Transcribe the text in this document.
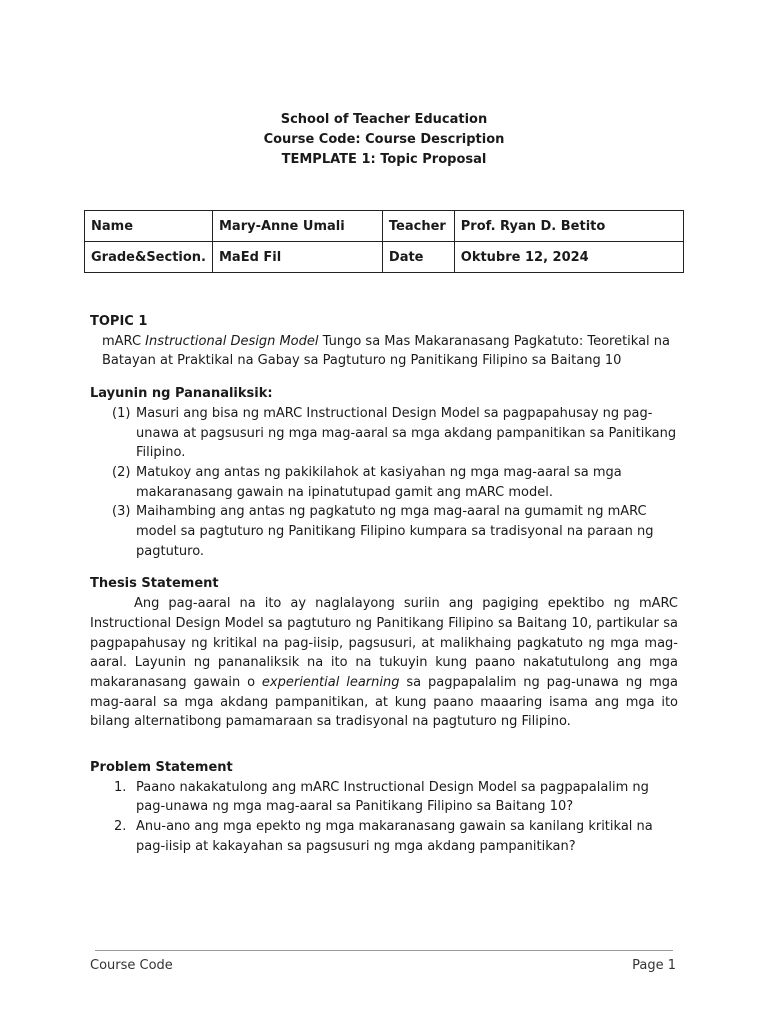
School of Teacher Education
Course Code: Course Description
TEMPLATE 1: Topic Proposal
Name	Mary-Anne Umali	Teacher	Prof. Ryan D. Betito
Grade&Section.	MaEd Fil	Date	Oktubre 12, 2024
TOPIC 1
mARC Instructional Design Model Tungo sa Mas Makaranasang Pagkatuto: Teoretikal na Batayan at Praktikal na Gabay sa Pagtuturo ng Panitikang Filipino sa Baitang 10
Layunin ng Pananaliksik:
(1) Masuri ang bisa ng mARC Instructional Design Model sa pagpapahusay ng pag-unawa at pagsusuri ng mga mag-aaral sa mga akdang pampanitikan sa Panitikang Filipino.
(2) Matukoy ang antas ng pakikilahok at kasiyahan ng mga mag-aaral sa mga makaranasang gawain na ipinatutupad gamit ang mARC model.
(3) Maihambing ang antas ng pagkatuto ng mga mag-aaral na gumamit ng mARC model sa pagtuturo ng Panitikang Filipino kumpara sa tradisyonal na paraan ng pagtuturo.
Thesis Statement

Ang pag-aaral na ito ay naglalayong suriin ang pagiging epektibo ng mARC Instructional Design Model sa pagtuturo ng Panitikang Filipino sa Baitang 10, partikular sa pagpapahusay ng kritikal na pag-iisip, pagsusuri, at malikhaing pagkatuto ng mga mag-aaral. Layunin ng pananaliksik na ito na tukuyin kung paano nakatutulong ang mga makaranasang gawain o experiential learning sa pagpapalalim ng pag-unawa ng mga mag-aaral sa mga akdang pampanitikan, at kung paano maaaring isama ang mga ito bilang alternatibong pamamaraan sa tradisyonal na pagtuturo ng Filipino.

Problem Statement
1. Paano nakakatulong ang mARC Instructional Design Model sa pagpapalalim ng pag-unawa ng mga mag-aaral sa Panitikang Filipino sa Baitang 10?
2. Anu-ano ang mga epekto ng mga makaranasang gawain sa kanilang kritikal na pag-iisip at kakayahan sa pagsusuri ng mga akdang pampanitikan?
Course Code	Page 1
